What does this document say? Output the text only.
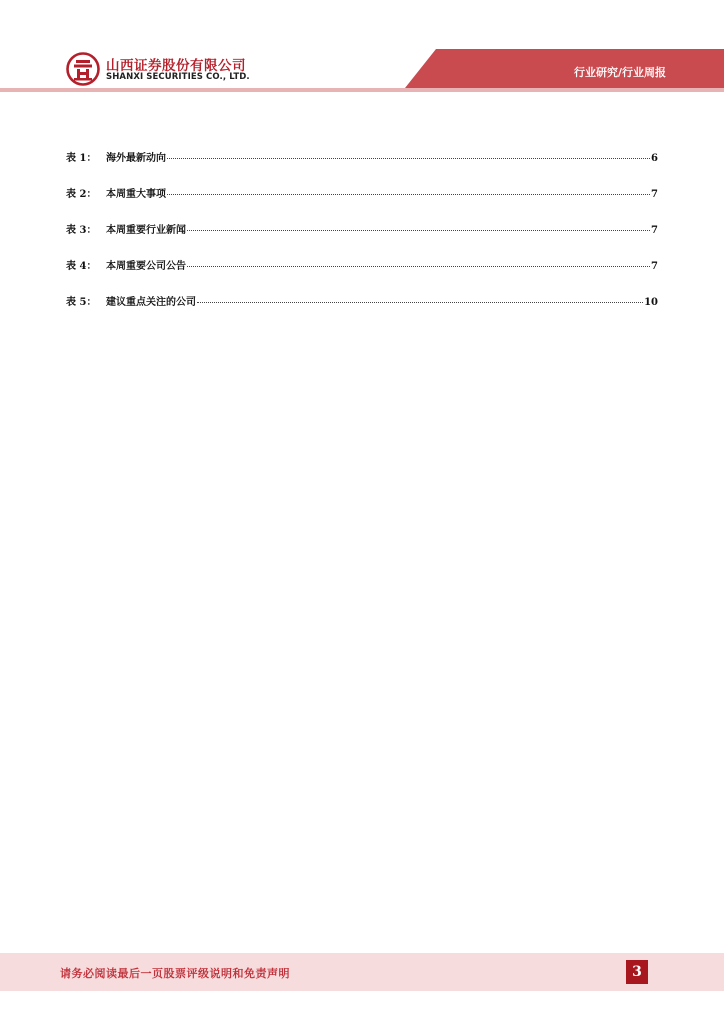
山西证券股份有限公司
SHANXI SECURITIES CO., LTD.	行业研究/行业周报
表 1： 海外最新动向	6
表 2： 本周重大事项	7
表 3： 本周重要行业新闻	7
表 4： 本周重要公司公告	7
表 5： 建议重点关注的公司	10
请务必阅读最后一页股票评级说明和免责声明	3
